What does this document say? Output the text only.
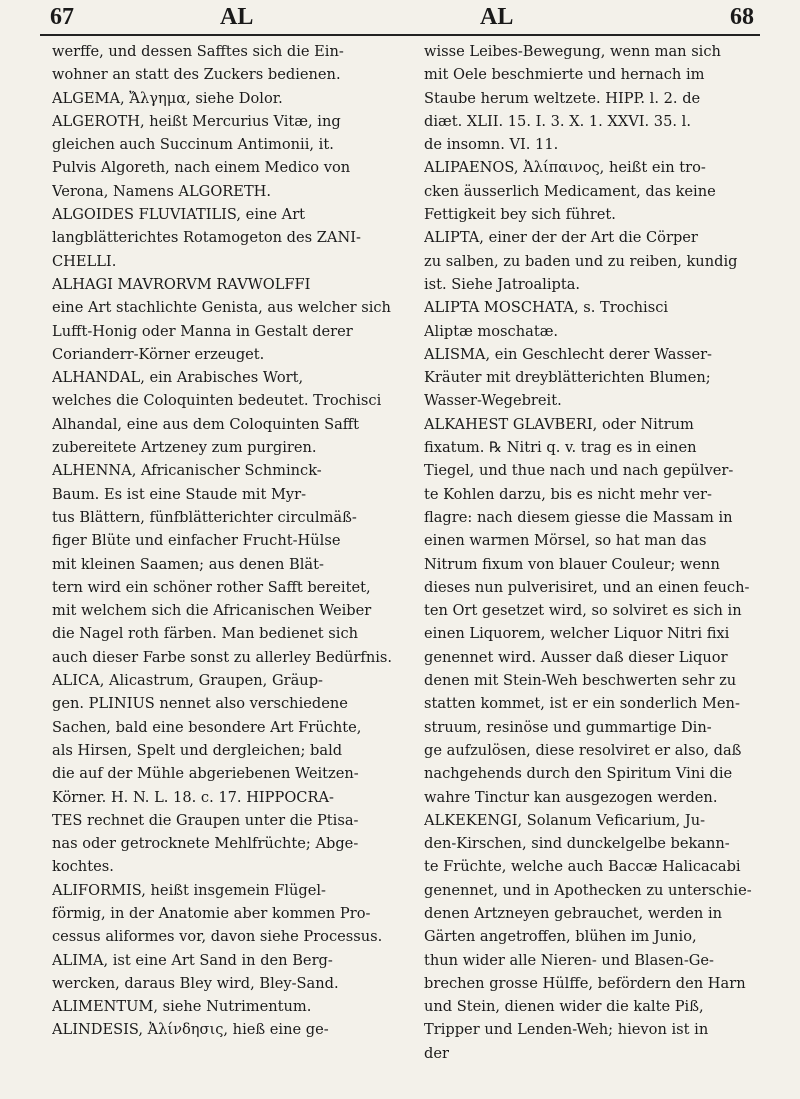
67	AL	AL	68
werffe, und dessen Safftes sich die Ein-
wohner an statt des Zuckers bedienen.
ALGEMA, Ἄλγημα, siehe Dolor.
ALGEROTH, heißt Mercurius Vitæ, ing
gleichen auch Succinum Antimonii, it.
Pulvis Algoreth, nach einem Medico von
Verona, Namens ALGORETH.
ALGOIDES FLUVIATILIS, eine Art
langblätterichtes Rotamogeton des ZANI-
CHELLI.
ALHAGI MAVRORVM RAVWOLFFI
eine Art stachlichte Genista, aus welcher sich
Lufft-Honig oder Manna in Gestalt derer
Corianderr-Körner erzeuget.
ALHANDAL, ein Arabisches Wort,
welches die Coloquinten bedeutet. Trochisci
Alhandal, eine aus dem Coloquinten Safft
zubereitete Artzeney zum purgiren.
ALHENNA, Africanischer Schminck-
Baum. Es ist eine Staude mit Myr-
tus Blättern, fünfblätterichter circulmäß-
figer Blüte und einfacher Frucht-Hülse
mit kleinen Saamen; aus denen Blät-
tern wird ein schöner rother Safft bereitet,
mit welchem sich die Africanischen Weiber
die Nagel roth färben. Man bedienet sich
auch dieser Farbe sonst zu allerley Bedürfnis.
ALICA, Alicastrum, Graupen, Gräup-
gen. PLINIUS nennet also verschiedene
Sachen, bald eine besondere Art Früchte,
als Hirsen, Spelt und dergleichen; bald
die auf der Mühle abgeriebenen Weitzen-
Körner. H. N. L. 18. c. 17. HIPPOCRA-
TES rechnet die Graupen unter die Ptisa-
nas oder getrocknete Mehlfrüchte; Abge-
kochtes.
ALIFORMIS, heißt insgemein Flügel-
förmig, in der Anatomie aber kommen Pro-
cessus aliformes vor, davon siehe Processus.
ALIMA, ist eine Art Sand in den Berg-
wercken, daraus Bley wird, Bley-Sand.
ALIMENTUM, siehe Nutrimentum.
ALINDESIS, Ἀλίνδησις, hieß eine ge-
wisse Leibes-Bewegung, wenn man sich
mit Oele beschmierte und hernach im
Staube herum weltzete. HIPP. l. 2. de
diæt. XLII. 15. I. 3. X. 1. XXVI. 35. l.
de insomn. VI. 11.
ALIPAENOS, Ἀλίπαινος, heißt ein tro-
cken äusserlich Medicament, das keine
Fettigkeit bey sich führet.
ALIPTA, einer der der Art die Cörper
zu salben, zu baden und zu reiben, kundig
ist. Siehe Jatroalipta.
ALIPTA MOSCHATA, s. Trochisci
Aliptæ moschatæ.
ALISMA, ein Geschlecht derer Wasser-
Kräuter mit dreyblätterichten Blumen;
Wasser-Wegebreit.
ALKAHEST GLAVBERI, oder Nitrum
fixatum. ℞ Nitri q. v. trag es in einen
Tiegel, und thue nach und nach gepülver-
te Kohlen darzu, bis es nicht mehr ver-
flagre: nach diesem giesse die Massam in
einen warmen Mörsel, so hat man das
Nitrum fixum von blauer Couleur; wenn
dieses nun pulverisiret, und an einen feuch-
ten Ort gesetzet wird, so solviret es sich in
einen Liquorem, welcher Liquor Nitri fixi
genennet wird. Ausser daß dieser Liquor
denen mit Stein-Weh beschwerten sehr zu
statten kommet, ist er ein sonderlich Men-
struum, resinöse und gummartige Din-
ge aufzulösen, diese resolviret er also, daß
nachgehends durch den Spiritum Vini die
wahre Tinctur kan ausgezogen werden.
ALKEKENGI, Solanum Veficarium, Ju-
den-Kirschen, sind dunckelgelbe bekann-
te Früchte, welche auch Baccæ Halicacabi
genennet, und in Apothecken zu unterschie-
denen Artzneyen gebrauchet, werden in
Gärten angetroffen, blühen im Junio,
thun wider alle Nieren- und Blasen-Ge-
brechen grosse Hülffe, befördern den Harn
und Stein, dienen wider die kalte Piß,
Tripper und Lenden-Weh; hievon ist in
der
